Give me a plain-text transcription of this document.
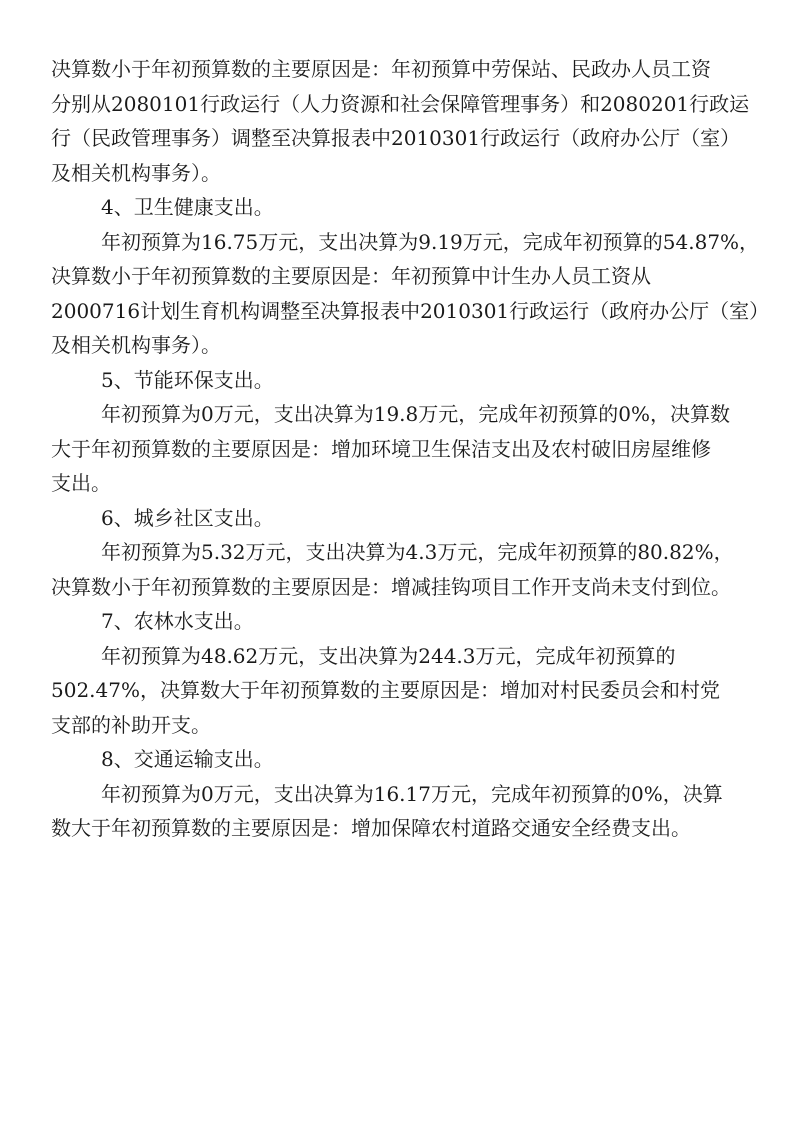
决算数小于年初预算数的主要原因是：年初预算中劳保站、民政办人员工资
分别从2080101行政运行（人力资源和社会保障管理事务）和2080201行政运
行（民政管理事务）调整至决算报表中2010301行政运行（政府办公厅（室）
及相关机构事务）。
4、卫生健康支出。
年初预算为16.75万元，支出决算为9.19万元，完成年初预算的54.87%，
决算数小于年初预算数的主要原因是：年初预算中计生办人员工资从
2000716计划生育机构调整至决算报表中2010301行政运行（政府办公厅（室）
及相关机构事务）。
5、节能环保支出。
年初预算为0万元，支出决算为19.8万元，完成年初预算的0%，决算数
大于年初预算数的主要原因是：增加环境卫生保洁支出及农村破旧房屋维修
支出。
6、城乡社区支出。
年初预算为5.32万元，支出决算为4.3万元，完成年初预算的80.82%，
决算数小于年初预算数的主要原因是：增减挂钩项目工作开支尚未支付到位。
7、农林水支出。
年初预算为48.62万元，支出决算为244.3万元，完成年初预算的
502.47%，决算数大于年初预算数的主要原因是：增加对村民委员会和村党
支部的补助开支。
8、交通运输支出。
年初预算为0万元，支出决算为16.17万元，完成年初预算的0%，决算
数大于年初预算数的主要原因是：增加保障农村道路交通安全经费支出。
